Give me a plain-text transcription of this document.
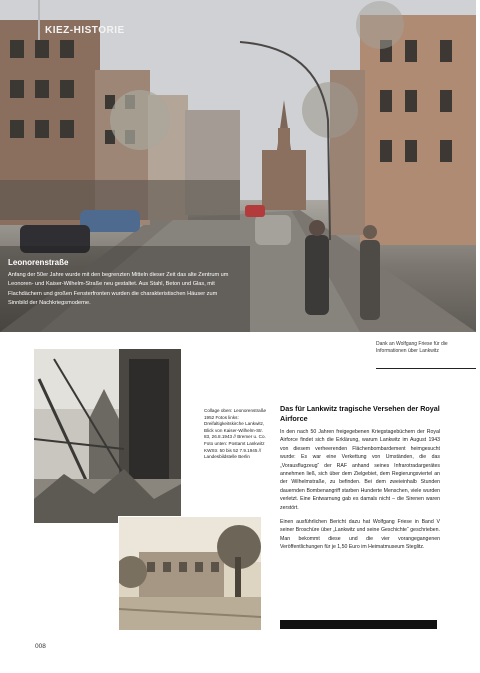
KIEZ-HISTORIE
Leonorenstraße
Anfang der 50er Jahre wurde mit den begrenzten Mitteln dieser Zeit das alte Zentrum um Leonoren- und Kaiser-Wilhelm-Straße neu gestaltet. Aus Stahl, Beton und Glas, mit Flachdächern und großen Fensterfronten wurden die charakteristischen Häuser zum Sinnbild der Nachkriegsmoderne.
Dank an Wolfgang Friese für die Informationen über Lankwitz
Collage oben: Leonorenstraße 1952 Fotos links: Dreifaltigkeitskirche Lankwitz, Blick von Kaiser-Wilhelm-Str. 83, 26.8.1943 // Bremer u. Co. Foto unten: Postamt Lankwitz KWStr. 50 bis 52 7.9.1945 // Landesbildstelle Berlin
Das für Lankwitz tragische Versehen der Royal Airforce

In den nach 50 Jahren freigegebenen Kriegstagebüchern der Royal Airforce findet sich die Erklärung, warum Lankwitz im August 1943 von diesem verheerenden Flächenbombardement heimgesucht wurde: Es war eine Verkettung von Umständen, die das „Vorausflugzeug“ der RAF anhand seines Infrarotradargerätes annehmen ließ, sich über dem Zielgebiet, dem Regierungsviertel an der Wilhelmstraße, zu befinden. Bei dem zweieinhalb Stunden dauernden Bombenangriff starben Hunderte Menschen, viele wurden verletzt. Eine Entwarnung gab es damals nicht – die Sirenen waren zerstört.

Einen ausführlichen Bericht dazu hat Wolfgang Friese in Band V seiner Broschüre über „Lankwitz und seine Geschichte“ geschrieben. Man bekommt diese und die vier vorangegangenen Veröffentlichungen für je 1,50 Euro im Heimatmuseum Steglitz.

008
